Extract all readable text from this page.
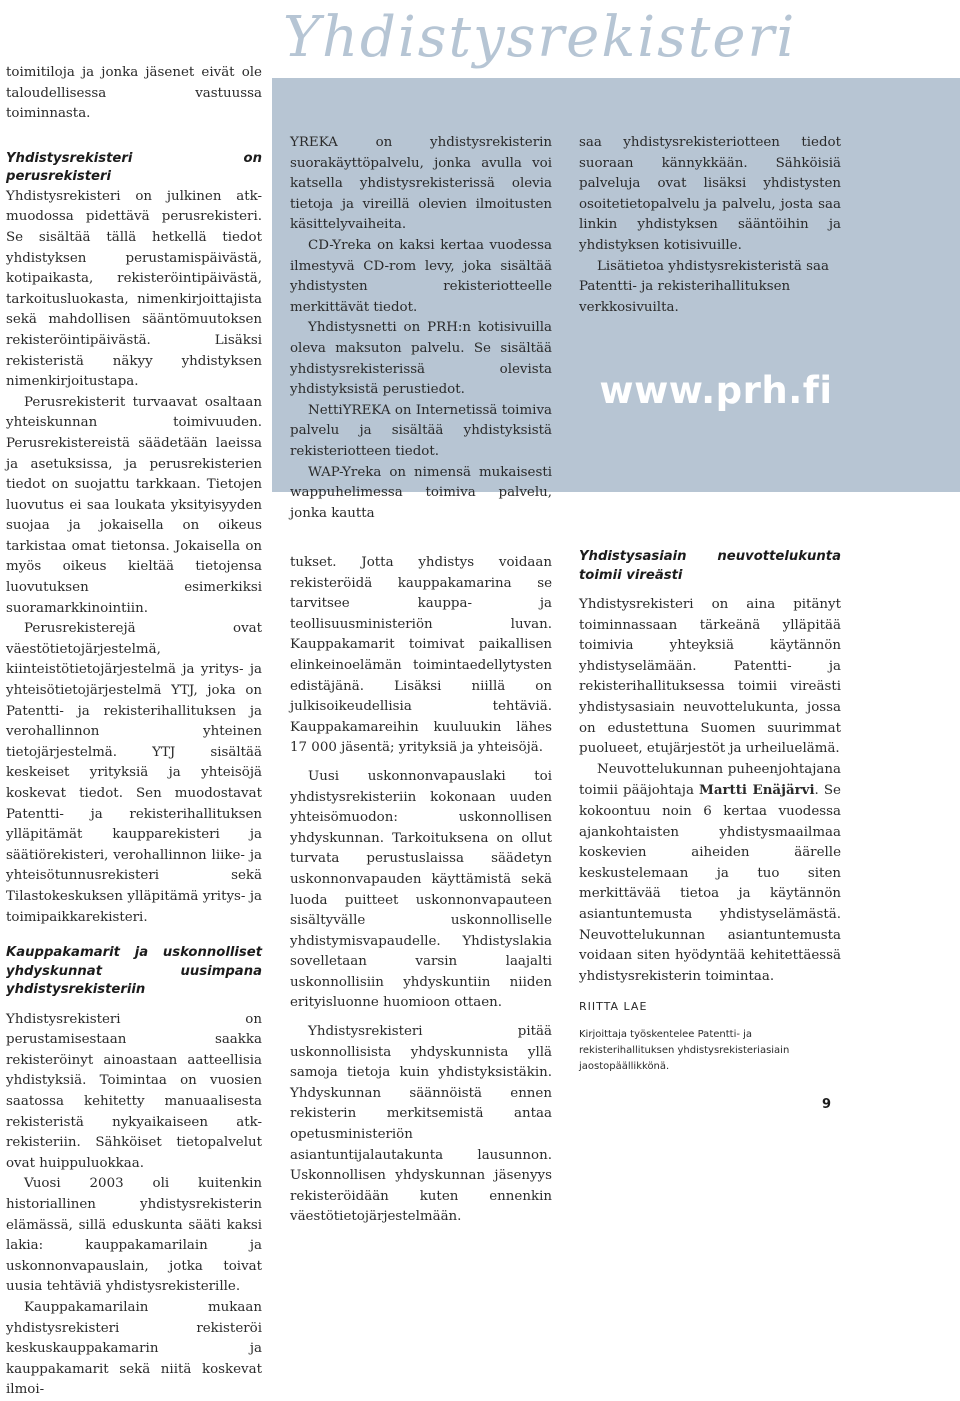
Yhdistysrekisteri

toimitiloja ja jonka jäsenet eivät ole taloudellisessa vastuussa toiminnasta.

Yhdistysrekisteri on perusrekisteri

Yhdistysrekisteri on julkinen atk-muodossa pidettävä perusrekisteri. Se sisältää tällä hetkellä tiedot yhdistyksen perustamispäivästä, kotipaikasta, rekisteröintipäivästä, tarkoitusluokasta, nimenkirjoittajista sekä mahdollisen sääntömuutoksen rekisteröintipäivästä. Lisäksi rekisteristä näkyy yhdistyksen nimenkirjoitustapa.

Perusrekisterit turvaavat osaltaan yhteiskunnan toimivuuden. Perusrekistereistä säädetään laeissa ja asetuksissa, ja perusrekisterien tiedot on suojattu tarkkaan. Tietojen luovutus ei saa loukata yksityisyyden suojaa ja jokaisella on oikeus tarkistaa omat tietonsa. Jokaisella on myös oikeus kieltää tietojensa luovutuksen esimerkiksi suoramarkkinointiin.

Perusrekisterejä ovat väestötietojärjestelmä, kiinteistötietojärjestelmä ja yritys- ja yhteisötietojärjestelmä YTJ, joka on Patentti- ja rekisterihallituksen ja verohallinnon yhteinen tietojärjestelmä. YTJ sisältää keskeiset yrityksiä ja yhteisöjä koskevat tiedot. Sen muodostavat Patentti- ja rekisterihallituksen ylläpitämät kaupparekisteri ja säätiörekisteri, verohallinnon liike- ja yhteisötunnusrekisteri sekä Tilastokeskuksen ylläpitämä yritys- ja toimipaikkarekisteri.

Kauppakamarit ja uskonnolliset yhdyskunnat uusimpana yhdistysrekisteriin

Yhdistysrekisteri on perustamisestaan saakka rekisteröinyt ainoastaan aatteellisia yhdistyksiä. Toimintaa on vuosien saatossa kehitetty manuaalisesta rekisteristä nykyaikaiseen atk-rekisteriin. Sähköiset tietopalvelut ovat huippuluokkaa.

Vuosi 2003 oli kuitenkin historiallinen yhdistysrekisterin elämässä, sillä eduskunta sääti kaksi lakia: kauppakamarilain ja uskonnonvapauslain, jotka toivat uusia tehtäviä yhdistysrekisterille.

Kauppakamarilain mukaan yhdistysrekisteri rekisteröi keskuskauppakamarin ja kauppakamarit sekä niitä koskevat ilmoi-

YREKA on yhdistysrekisterin suorakäyttöpalvelu, jonka avulla voi katsella yhdistysrekisterissä olevia tietoja ja vireillä olevien ilmoitusten käsittelyvaiheita.

CD-Yreka on kaksi kertaa vuodessa ilmestyvä CD-rom levy, joka sisältää yhdistysten rekisteriotteelle merkittävät tiedot.

Yhdistysnetti on PRH:n kotisivuilla oleva maksuton palvelu. Se sisältää yhdistysrekisterissä olevista yhdistyksistä perustiedot.

NettiYREKA on Internetissä toimiva palvelu ja sisältää yhdistyksistä rekisteriotteen tiedot.

WAP-Yreka on nimensä mukaisesti wappuhelimessa toimiva palvelu, jonka kautta

saa yhdistysrekisteriotteen tiedot suoraan kännykkään. Sähköisiä palveluja ovat lisäksi yhdistysten osoitetietopalvelu ja palvelu, josta saa linkin yhdistyksen sääntöihin ja yhdistyksen kotisivuille.

Lisätietoa yhdistysrekisteristä saa Patentti- ja rekisterihallituksen verkkosivuilta.

www.prh.fi

tukset. Jotta yhdistys voidaan rekisteröidä kauppakamarina se tarvitsee kauppa- ja teollisuusministeriön luvan. Kauppakamarit toimivat paikallisen elinkeinoelämän toimintaedellytysten edistäjänä. Lisäksi niillä on julkisoikeudellisia tehtäviä. Kauppakamareihin kuuluukin lähes 17 000 jäsentä; yrityksiä ja yhteisöjä.

Uusi uskonnonvapauslaki toi yhdistysrekisteriin kokonaan uuden yhteisömuodon: uskonnollisen yhdyskunnan. Tarkoituksena on ollut turvata perustuslaissa säädetyn uskonnonvapauden käyttämistä sekä luoda puitteet uskonnonvapauteen sisältyvälle uskonnolliselle yhdistymisvapaudelle. Yhdistyslakia sovelletaan varsin laajalti uskonnollisiin yhdyskuntiin niiden erityisluonne huomioon ottaen.

Yhdistysrekisteri pitää uskonnollisista yhdyskunnista yllä samoja tietoja kuin yhdistyksistäkin. Yhdyskunnan säännöistä ennen rekisterin merkitsemistä antaa opetusministeriön asiantuntijalautakunta lausunnon. Uskonnollisen yhdyskunnan jäsenyys rekisteröidään kuten ennenkin väestötietojärjestelmään.

Yhdistysasiain neuvottelukunta toimii vireästi

Yhdistysrekisteri on aina pitänyt toiminnassaan tärkeänä ylläpitää toimivia yhteyksiä käytännön yhdistyselämään. Patentti- ja rekisterihallituksessa toimii vireästi yhdistysasiain neuvottelukunta, jossa on edustettuna Suomen suurimmat puolueet, etujärjestöt ja urheiluelämä.

Neuvottelukunnan puheenjohtajana toimii pääjohtaja Martti Enäjärvi. Se kokoontuu noin 6 kertaa vuodessa ajankohtaisten yhdistysmaailmaa koskevien aiheiden äärelle keskustelemaan ja tuo siten merkittävää tietoa ja käytännön asiantuntemusta yhdistyselämästä. Neuvottelukunnan asiantuntemusta voidaan siten hyödyntää kehitettäessä yhdistysrekisterin toimintaa.

RIITTA LAE

Kirjoittaja työskentelee Patentti- ja rekisterihallituksen yhdistysrekisteriasiain jaostopäällikkönä.

9
